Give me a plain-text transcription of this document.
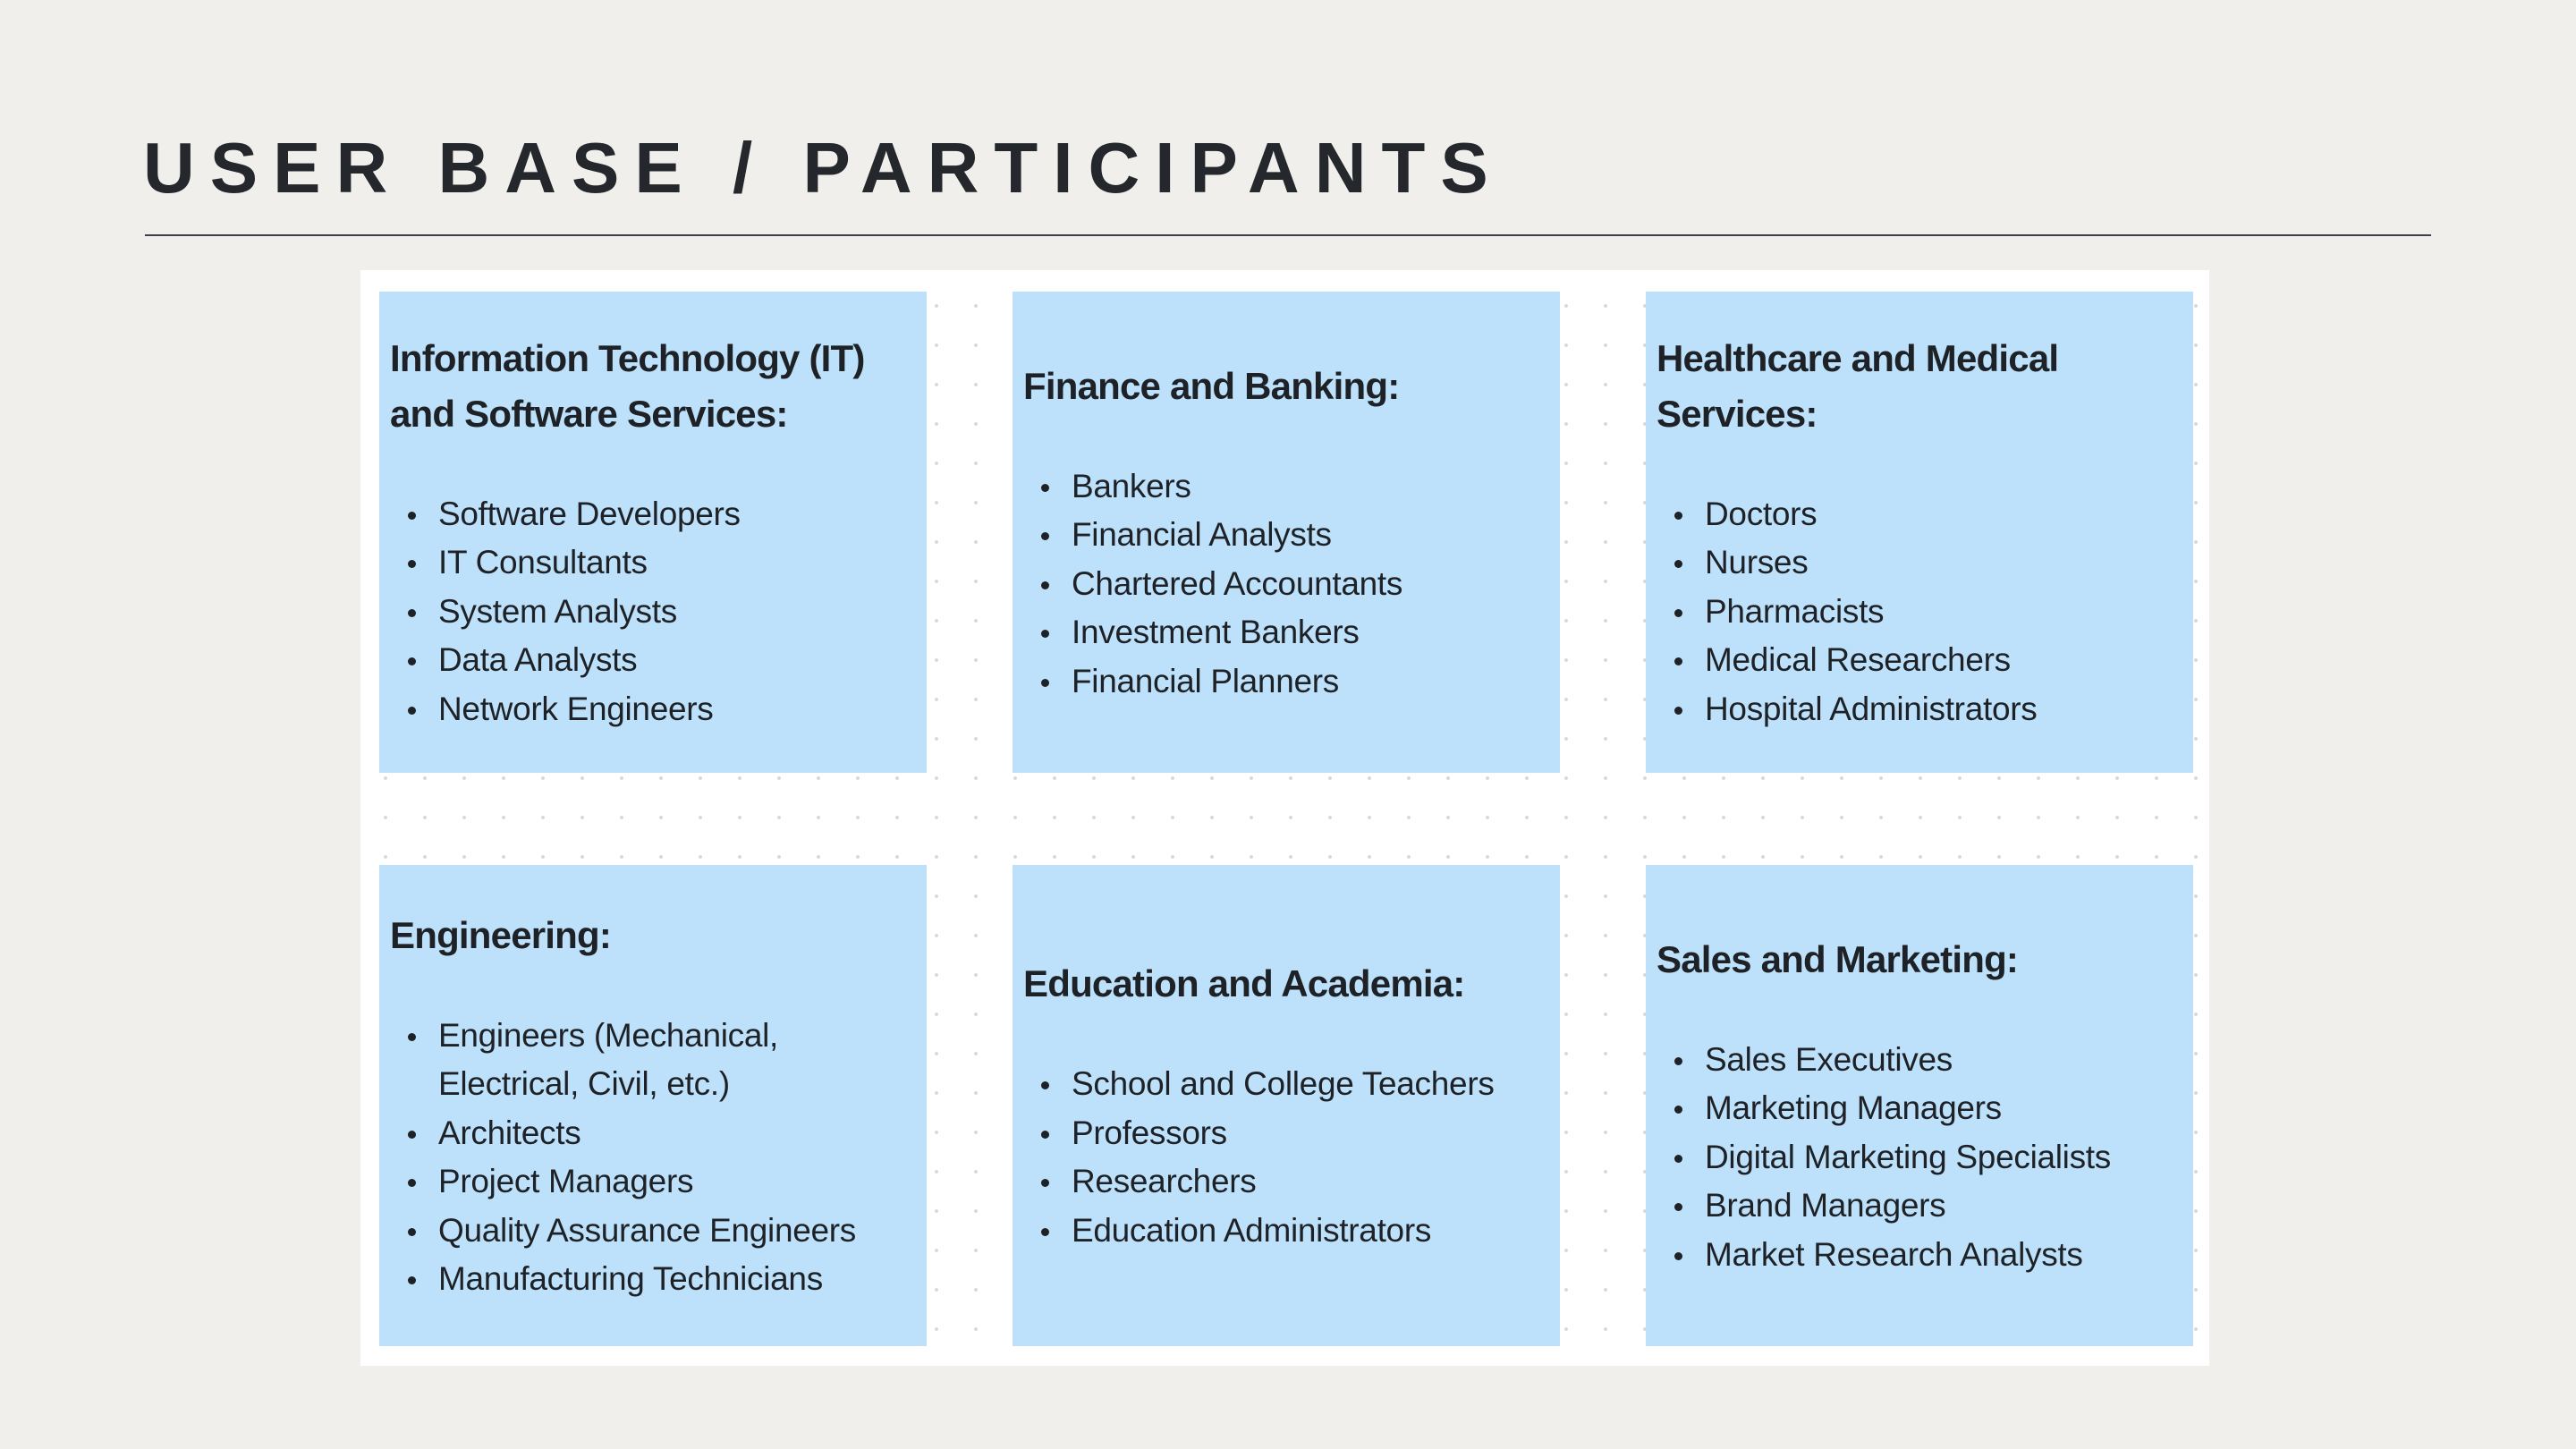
USER BASE / PARTICIPANTS
Information Technology (IT) and Software Services:
Software Developers
IT Consultants
System Analysts
Data Analysts
Network Engineers
Finance and Banking:
Bankers
Financial Analysts
Chartered Accountants
Investment Bankers
Financial Planners
Healthcare and Medical Services:
Doctors
Nurses
Pharmacists
Medical Researchers
Hospital Administrators
Engineering:
Engineers (Mechanical, Electrical, Civil, etc.)
Architects
Project Managers
Quality Assurance Engineers
Manufacturing Technicians
Education and Academia:
School and College Teachers
Professors
Researchers
Education Administrators
Sales and Marketing:
Sales Executives
Marketing Managers
Digital Marketing Specialists
Brand Managers
Market Research Analysts
